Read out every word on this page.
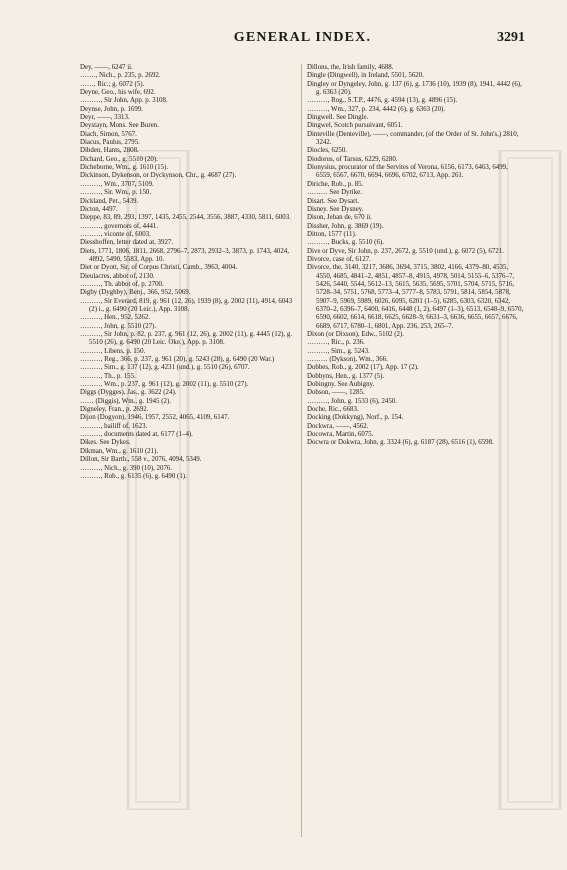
GENERAL INDEX.	3291

Dey, ——, 6247 ii.

……., Nich., p. 235, p. 2692.

……, Ric.; g. 6072 (5).

Deyne, Geo., his wife, 692.

………, Sir John, App. p. 3108.

Deynse, John, p. 1699.

Deyr, ——, 3313.

Deystayn, Mons. See Buren.

Diach, Simon, 5767.

Diacus, Paulus, 2795.

Dibden, Hants, 2808.

Dichard, Geo., g. 5510 (20).

Dicheborne, Wm., g. 1610 (15).

Dickinson, Dykenson, or Dyckynson, Chr., g. 4687 (27).

………, Wm., 3707, 5109.

………, Sir. Wm., p. 150.

Dickland, Pet., 5439.

Dicton, 4497.

Dieppe, 83, 89, 293, 1397, 1435, 2455, 2544, 3556, 3887, 4330, 5811, 6003.

………, governors of, 4441.

………, viconte of, 6003.

Diesshoffen, letter dated at, 3927.

Diets, 1771, 1806, 1811, 2668, 2796–7, 2873, 2932–3, 3873, p. 1743, 4024, 4892, 5490, 5583, App. 10.

Diet or Dyott, Sir, of Corpus Christi, Camb., 3963, 4004.

Dieulacres, abbot of, 2130.

………, Th. abbot of, p. 2700.

Digby (Dyghby), Benj., 366, 952, 5069.

………, Sir Everard, 819, g. 961 (12, 26), 1939 (8), g. 2002 (11), 4914, 6043 (2) i., g. 6490 (20 Leic.), App. 3108.

………, Hen., 952, 5262.

………, John, g. 5510 (27).

………, Sir John, p. 82, p. 237, g. 961 (12, 26), g. 2002 (11), g. 4445 (12), g. 5510 (26), g. 6490 (20 Leic. Oke.), App. p. 3108.

………, Libens, p. 150.

………, Reg., 366, p. 237, g. 961 (20), g. 5243 (28), g. 6490 (20 War.)

………, Sim., g. 137 (12), g. 4231 (und.), g. 5510 (26), 6707.

………, Th., p. 155.

………, Wm., p. 237, g. 961 (12), g. 2002 (11), g. 5510 (27).

Diggs (Dygges), Jas., g. 3622 (24).

…… (Diggis), Wm., g. 1945 (2).

Digneley, Fran., p. 2692.

Dijon (Dogyon), 1946, 1957, 2552, 4065, 4109, 6147.

………, bailiff of, 1623.

………, documents dated at, 6177 (1–4).

Dikes. See Dykes.

Dikman, Wm., g. 1610 (21).

Dillon, Sir Barth., 558 v., 2076, 4094, 5349.

………, Nich., g. 390 (10), 2076.

………, Rob., g. 6135 (6), g. 6490 (1).

Dillons, the, Irish family, 4688.

Dingle (Dingwell), in Ireland, 5501, 5620.

Dingley or Dyngeley, John, g. 137 (6), g. 1736 (10), 1939 (8), 1941, 4442 (6), g. 6363 (20).

………, Rog., S.T.P., 4476, g. 4594 (13), g. 4896 (15).

………, Wm., 327, p. 234, 4442 (6), g. 6363 (20).

Dingwell. See Dingle.

Dingwel, Scotch pursuivant, 6051.

Dinteville (Denteville), ——, commander, (of the Order of St. John's,) 2810, 3242.

Diocles, 6250.

Diodorus, of Tarsus, 6229, 6280.

Dionysius, procurator of the Servites of Verona, 6156, 6173, 6463, 6499, 6559, 6567, 6670, 6694, 6696, 6702, 6713, App. 261.

Diriche, Rob., p. 85.

……… See Dyrike.

Disart. See Dysart.

Disney. See Dysney.

Dison, Jehan de, 670 ii.

Dissher, John, g. 3869 (19).

Ditton, 1577 (11).

………, Bucks, g. 5510 (6).

Dive or Dyve, Sir John, p. 237, 2672, g. 5510 (und.), g. 6072 (5), 6721.

Divorce, case of, 6127.

Divorce, the, 3140, 3217, 3686, 3694, 3715, 3802, 4166, 4379–80, 4535, 4550, 4685, 4841–2, 4851, 4857–8, 4915, 4978, 5014, 5155–6, 5376–7, 5426, 5440, 5544, 5612–13, 5615, 5635, 5695, 5701, 5704, 5715, 5716, 5728–34, 5751, 5768, 5773–4, 5777–8, 5783, 5791, 5814, 5854, 5878, 5907–9, 5969, 5989, 6026, 6095, 6201 (1–5), 6285, 6303, 6320, 6342, 6370–2, 6396–7, 6400, 6416, 6448 (1, 2), 6497 (1–3), 6513, 6548–9, 6570, 6590, 6602, 6614, 6618, 6625, 6628–9, 6631–3, 6636, 6655, 6657, 6676, 6689, 6717, 6780–1, 6801, App. 236, 253, 265–7.

Dixon (or Dixson), Edw., 5102 (2).

………, Ric., p. 236.

………, Sim., g. 5243.

……… (Dykson), Wm., 366.

Dobbes, Rob., g. 2002 (17), App. 17 (2).

Dobbyns, Hen., g. 1377 (5).

Dobingny. See Aubigny.

Dobson, ——, 1285.

………, John, g. 1533 (6), 2450.

Doche, Ric., 6683.

Docking (Dokkyng), Norf., p. 154.

Dockwra, ——, 4562.

Docowra, Martin, 6075.

Docwra or Dokwra, John, g. 3324 (6), g. 6187 (28), 6516 (1), 6598.
